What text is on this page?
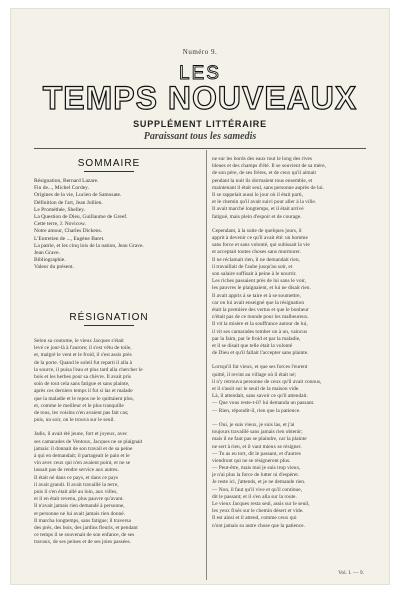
Numéro 9.
LES
TEMPS NOUVEAUX
SUPPLÉMENT LITTÉRAIRE
Paraissant tous les samedis
SOMMAIRE
Résignation, Bernard Lazare.
Fin de..., Michel Cordey.
Origines de la vie, Lucien de Samosate.
Définition de l'art, Jean Jullien.
Le Prométhée, Shelley.
La Question de Dieu, Guillaume de Greef.
Cette terre, J. Novicow.
Notre amour, Charles Dickens.
L'Entretien de ..., Eugène Baret.
La patrie, et les cinq lois de la nation, Jean Grave.
Jean Grave.
Bibliographie.
Valeur du présent.
RÉSIGNATION
Selon sa coutume, le vieux Jacques s'était
levé ce jour-là à l'aurore; il s'est vêtu de toile,
et, malgré le vent et le froid, il s'est assis près
de la porte. Quand le soleil fut reparti il alla à
la source, il puisa l'eau et plus tard alla chercher le
bois et les herbes pour sa chèvre. Il avait pris
soin de tout cela sans fatigue et sans plainte,
après ces derniers temps il fut si las et malade
que la maladie et le repos ne le quittaient plus,
et, comme le meilleur et le plus tranquille
de tous, les voisins n'en avaient pas fait cas;
puis, un soir, on le trouva sur le seuil.
Jadis, il avait été jeune, fort et joyeux, avec
ses camarades de Ventoux, Jacques ne se plaignait
jamais: il donnait de son travail et de sa peine
à qui en demandait; il partageait le pain et le
vin avec ceux qui n'en avaient point, et ne se
lassait pas de rendre service aux autres.
Il était né dans ce pays, et dans ce pays
il avait grandi. Il avait travaillé la terre,
puis il s'en était allé au loin, aux villes,
et il en était revenu, plus pauvre qu'avant.
Il n'avait jamais rien demandé à personne,
et personne ne lui avait jamais rien donné.
Il marcha longtemps, sans fatigue; il traversa
des prés, des bois, des jardins fleuris, et pendant
ce temps il se souvenait de son enfance, de ses
travaux, de ses peines et de ses joies passées.
ne sur les bords des eaux tout le long des rives
bleues et des champs d'été. Il se souvient de sa mère,
de son père, de ses frères, et de ceux qu'il aimait
pendant la nuit ils dormaient tous ensemble, et
maintenant il était seul, sans personne auprès de lui.
Il se rappelait aussi le jour où il était parti,
et le chemin qu'il avait suivi pour aller à la ville.
Il avait marché longtemps, et il était arrivé
fatigué, mais plein d'espoir et de courage.
Cependant, à la suite de quelques jours, il
apprit à devenir ce qu'il avait été: un homme
sans force et sans volonté, qui subissait la vie
et acceptait toutes choses sans murmurer.
Il ne réclamait rien, il ne demandait rien,
il travaillait de l'aube jusqu'au soir, et
son salaire suffisait à peine à le nourrir.
Les riches passaient près de lui sans le voir,
les pauvres le plaignaient, et lui ne disait rien.
Il avait appris à se taire et à se soumettre,
car on lui avait enseigné que la résignation
était la première des vertus et que le bonheur
n'était pas de ce monde pour les malheureux.
Il vit la misère et la souffrance autour de lui,
il vit ses camarades tomber un à un, vaincus
par la faim, par le froid et par la maladie,
et il se disait que telle était la volonté
de Dieu et qu'il fallait l'accepter sans plainte.
Lorsqu'il fut vieux, et que ses forces l'eurent
quitté, il revint au village où il était né;
il n'y retrouva personne de ceux qu'il avait connus,
et il s'assit sur le seuil de la maison vide.
Là, il attendait, sans savoir ce qu'il attendait.
— Que vous reste-t-il? lui demanda un passant.
— Rien, répondit-il, rien que la patience.
— Oui, je suis vieux, je suis las, et j'ai
toujours travaillé sans jamais rien obtenir;
mais il ne faut pas se plaindre, car la plainte
ne sert à rien, et il vaut mieux se résigner.
— Tu as eu tort, dit le passant, et d'autres
viendront qui ne se résigneront plus.
— Peut-être, mais moi je suis trop vieux,
je n'ai plus la force de lutter ni d'espérer.
Je reste ici, j'attends, et je ne demande rien.
— Non, il faut qu'il vive et qu'il continue,
dit le passant; et il s'en alla sur la route.
Le vieux Jacques resta seul, assis sur le seuil,
les yeux fixés sur le chemin désert et vide.
Il est ainsi et il attend, comme ceux qui
n'ont jamais su autre chose que la patience.
Vol. I. — 9.
